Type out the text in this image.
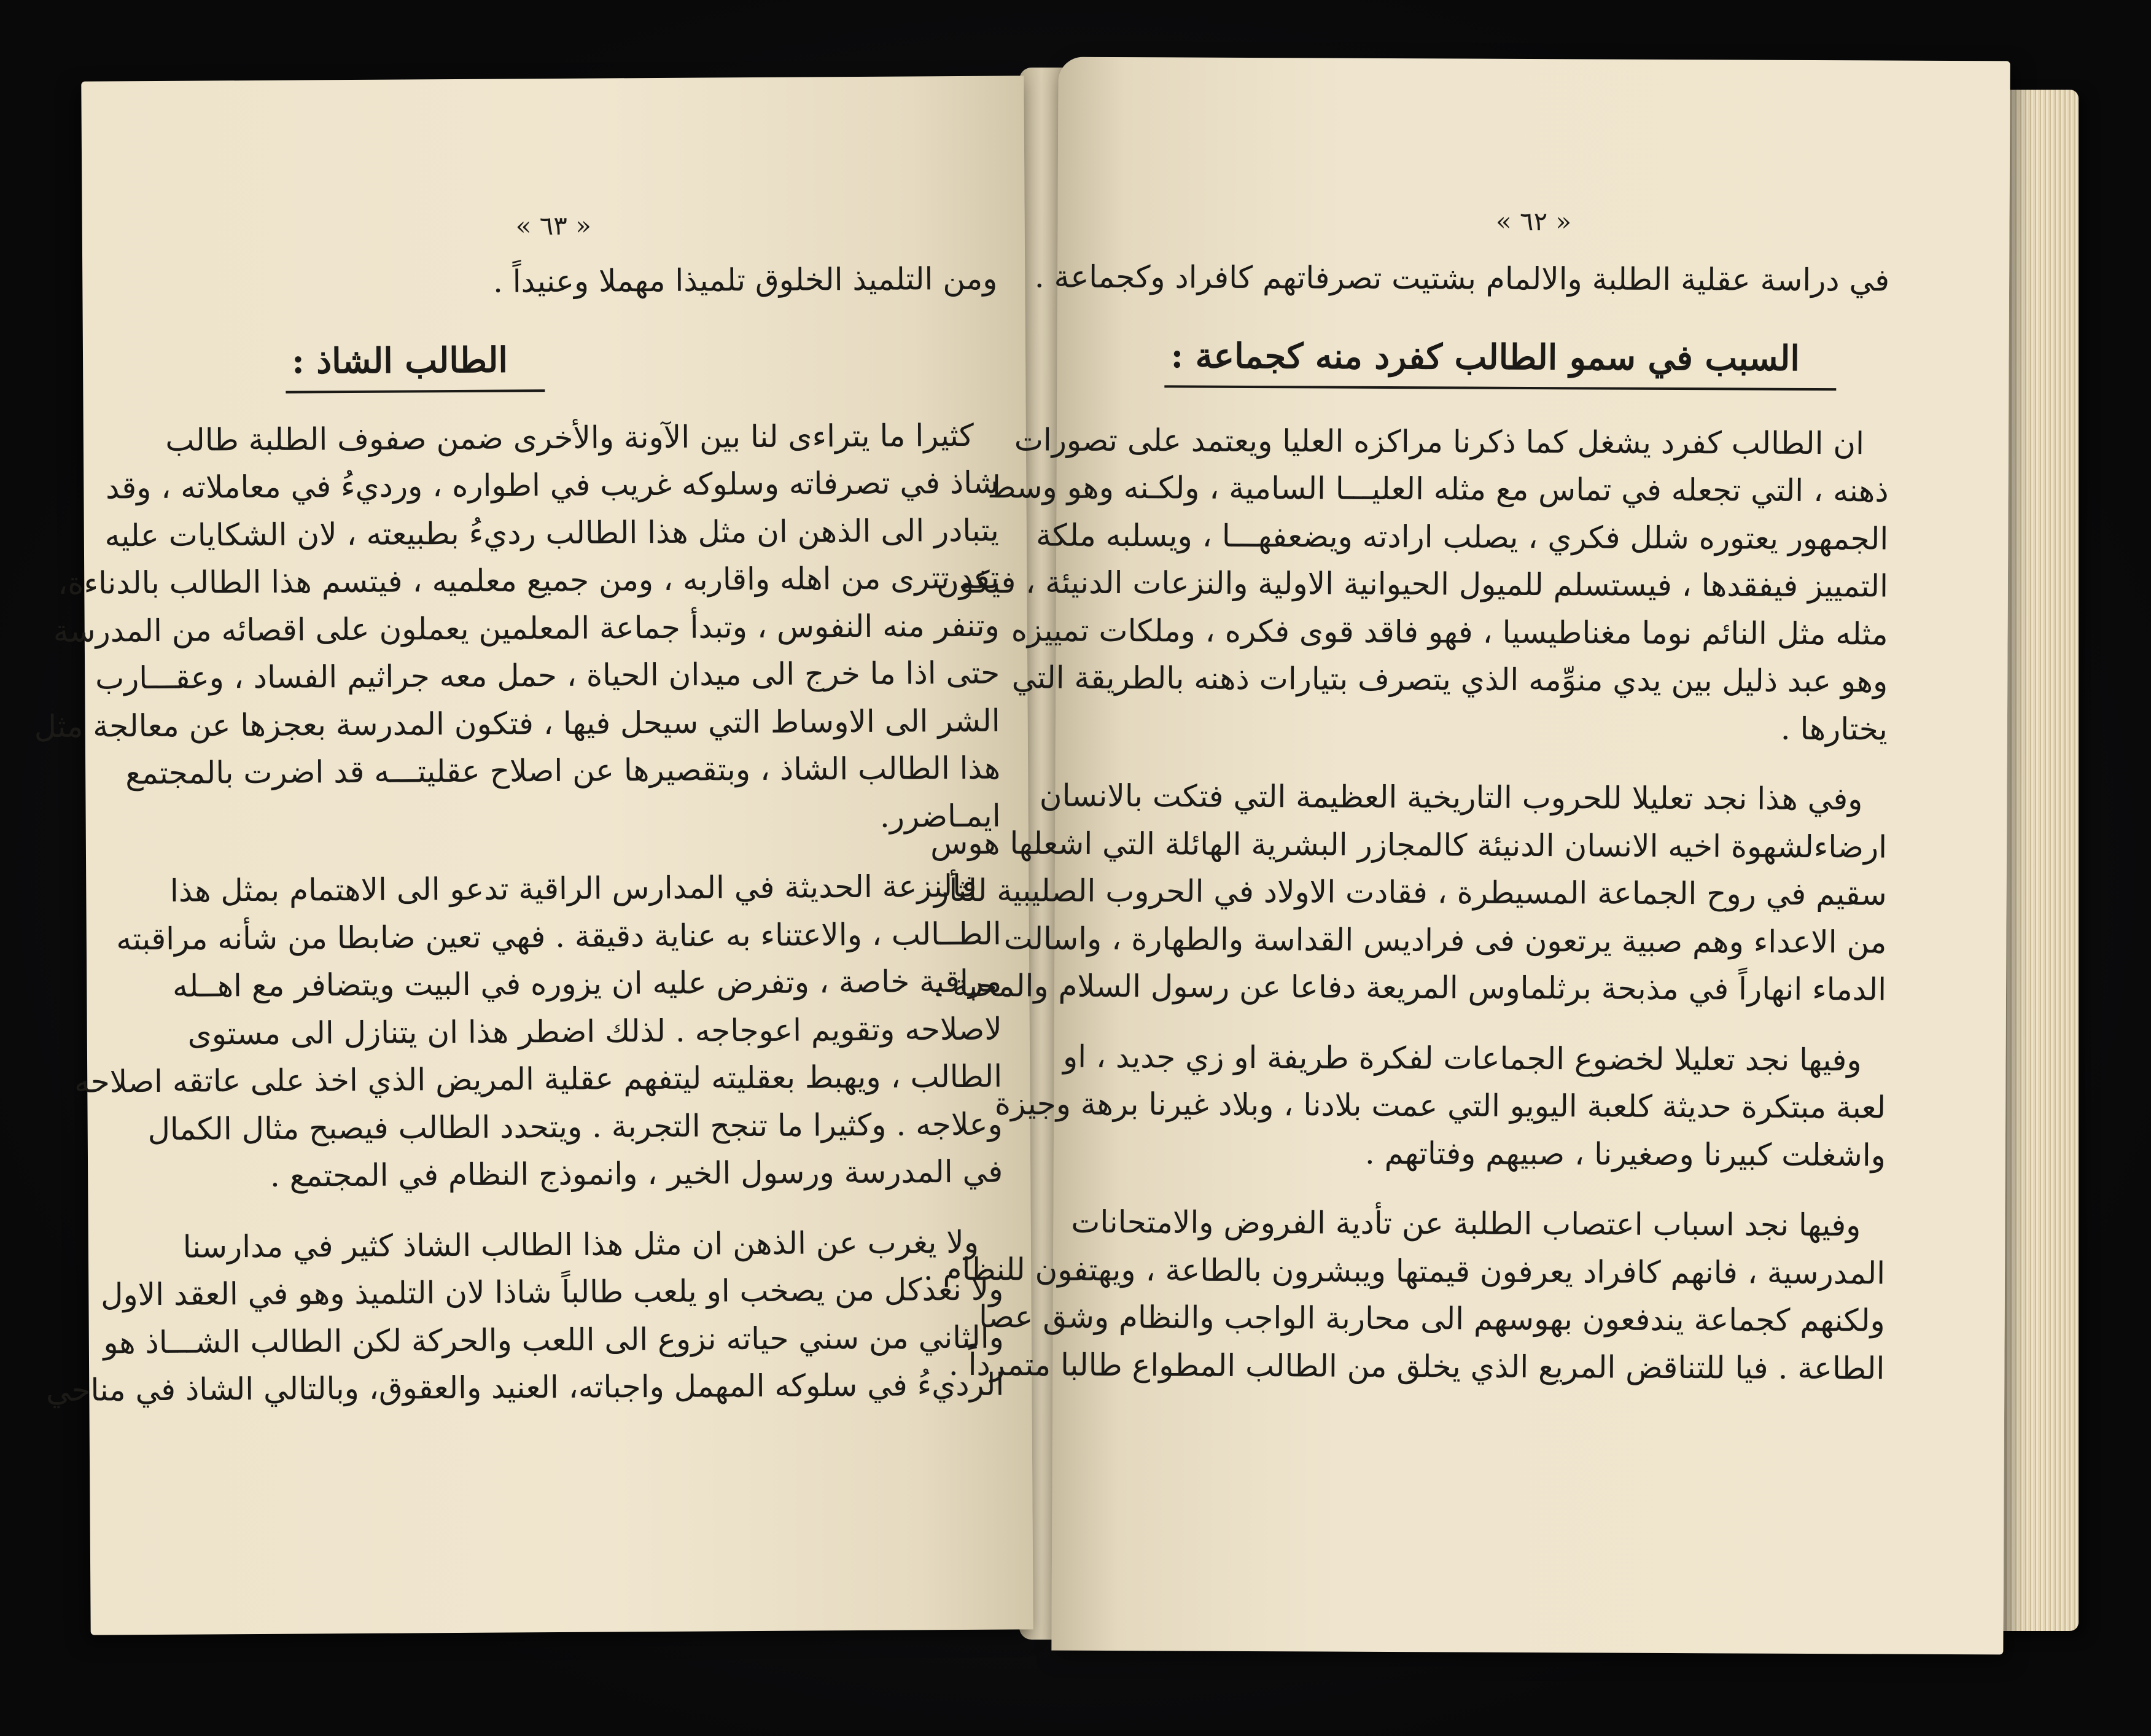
« ٦٣ »
ومن التلميذ الخلوق تلميذا مهملا وعنيداً .
الطالب الشاذ :
كثيرا ما يتراءى لنا بين الآونة والأخرى ضمن صفوف الطلبة طالب
شاذ في تصرفاته وسلوكه غريب في اطواره ، ورديءُ في معاملاته ، وقد
يتبادر الى الذهن ان مثل هذا الطالب رديءُ بطبيعته ، لان الشكايات عليه
تفد تترى من اهله واقاربه ، ومن جميع معلميه ، فيتسم هذا الطالب بالدناءة،
وتنفر منه النفوس ، وتبدأ جماعة المعلمين يعملون على اقصائه من المدرسة
حتى اذا ما خرج الى ميدان الحياة ، حمل معه جراثيم الفساد ، وعقـــارب
الشر الى الاوساط التي سيحل فيها ، فتكون المدرسة بعجزها عن معالجة مثل
هذا الطالب الشاذ ، وبتقصيرها عن اصلاح عقليتـــه قد اضرت بالمجتمع
ايمـاضرر.
فالنزعة الحديثة في المدارس الراقية تدعو الى الاهتمام بمثل هذا
الطــالب ، والاعتناء به عناية دقيقة . فهي تعين ضابطا من شأنه مراقبته
مراقبة خاصة ، وتفرض عليه ان يزوره في البيت ويتضافر مع اهــله
لاصلاحه وتقويم اعوجاجه . لذلك اضطر هذا ان يتنازل الى مستوى
الطالب ، ويهبط بعقليته ليتفهم عقلية المريض الذي اخذ على عاتقه اصلاحه
وعلاجه . وكثيرا ما تنجح التجربة . ويتحدد الطالب فيصبح مثال الكمال
في المدرسة ورسول الخير ، وانموذج النظام في المجتمع .
ولا يغرب عن الذهن ان مثل هذا الطالب الشاذ كثير في مدارسنا
ولا نعدكل من يصخب او يلعب طالباً شاذا لان التلميذ وهو في العقد الاول
والثاني من سني حياته نزوع الى اللعب والحركة لكن الطالب الشـــاذ هو
الرديءُ في سلوكه المهمل واجباته، العنيد والعقوق، وبالتالي الشاذ في مناحي
« ٦٢ »
في دراسة عقلية الطلبة والالمام بشتيت تصرفاتهم كافراد وكجماعة .
السبب في سمو الطالب كفرد منه كجماعة :
ان الطالب كفرد يشغل كما ذكرنا مراكزه العليا ويعتمد على تصورات
ذهنه ، التي تجعله في تماس مع مثله العليـــا السامية ، ولكـنه وهو وسط
الجمهور يعتوره شلل فكري ، يصلب ارادته ويضعفهـــا ، ويسلبه ملكة
التمييز فيفقدها ، فيستسلم للميول الحيوانية الاولية والنزعات الدنيئة ، فيكون
مثله مثل النائم نوما مغناطيسيا ، فهو فاقد قوى فكره ، وملكات تمييزه
وهو عبد ذليل بين يدي منوِّمه الذي يتصرف بتيارات ذهنه بالطريقة التي
يختارها .
وفي هذا نجد تعليلا للحروب التاريخية العظيمة التي فتكت بالانسان
ارضاءلشهوة اخيه الانسان الدنيئة كالمجازر البشرية الهائلة التي اشعلها هوس
سقيم في روح الجماعة المسيطرة ، فقادت الاولاد في الحروب الصليبية للثأر
من الاعداء وهم صبية يرتعون فى فراديس القداسة والطهارة ، واسالت
الدماء انهاراً في مذبحة برثلماوس المريعة دفاعا عن رسول السلام والمحبة .
وفيها نجد تعليلا لخضوع الجماعات لفكرة طريفة او زي جديد ، او
لعبة مبتكرة حديثة كلعبة اليويو التي عمت بلادنا ، وبلاد غيرنا برهة وجيزة
واشغلت كبيرنا وصغيرنا ، صبيهم وفتاتهم .
وفيها نجد اسباب اعتصاب الطلبة عن تأدية الفروض والامتحانات
المدرسية ، فانهم كافراد يعرفون قيمتها ويبشرون بالطاعة ، ويهتفون للنظام .
ولكنهم كجماعة يندفعون بهوسهم الى محاربة الواجب والنظام وشق عصا
الطاعة . فيا للتناقض المريع الذي يخلق من الطالب المطواع طالبا متمرداً .
